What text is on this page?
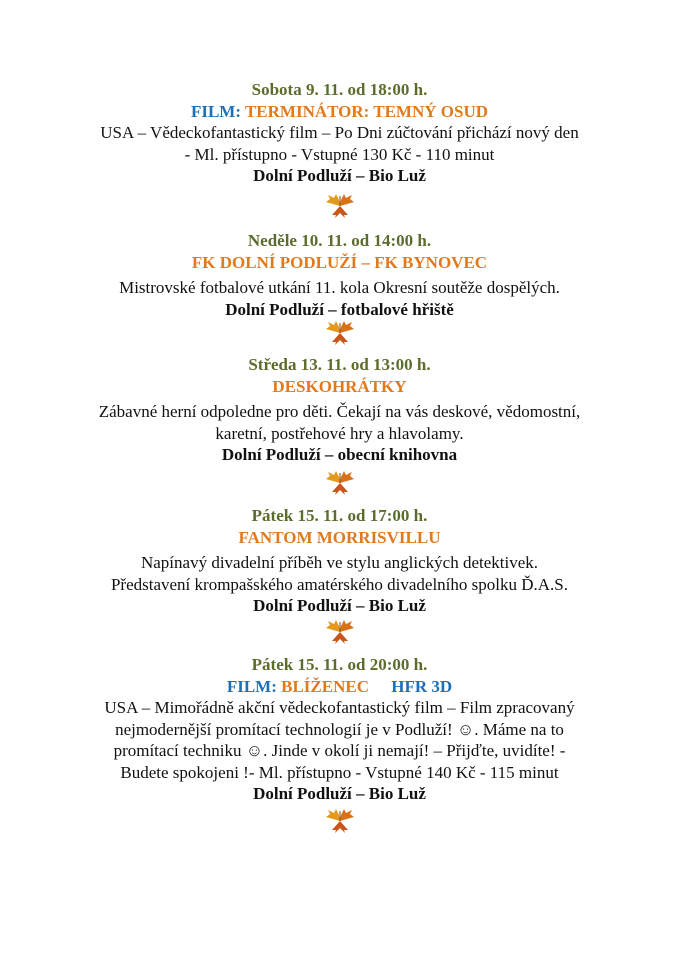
Sobota 9. 11. od 18:00 h.
FILM: TERMINÁTOR: TEMNÝ OSUD
USA – Vědeckofantastický film – Po Dni zúčtování přichází nový den
- Ml. přístupno - Vstupné 130 Kč - 110 minut
Dolní Podluží – Bio Luž
Neděle 10. 11. od 14:00 h.
FK DOLNÍ PODLUŽÍ – FK BYNOVEC
Mistrovské fotbalové utkání 11. kola Okresní soutěže dospělých.
Dolní Podluží – fotbalové hřiště
Středa 13. 11. od 13:00 h.
DESKOHRÁTKY
Zábavné herní odpoledne pro děti. Čekají na vás deskové, vědomostní,
karetní, postřehové hry a hlavolamy.
Dolní Podluží – obecní knihovna
Pátek 15. 11. od 17:00 h.
FANTOM MORRISVILLU
Napínavý divadelní příběh ve stylu anglických detektivek.
Představení krompašského amatérského divadelního spolku Ď.A.S.
Dolní Podluží – Bio Luž
Pátek 15. 11. od 20:00 h.
FILM: BLÍŽENEC HFR 3D
USA – Mimořádně akční vědeckofantastický film – Film zpracovaný
nejmodernější promítací technologií je v Podluží! ☺. Máme na to
promítací techniku ☺. Jinde v okolí ji nemají! – Přijďte, uvidíte! -
Budete spokojeni !- Ml. přístupno - Vstupné 140 Kč - 115 minut
Dolní Podluží – Bio Luž
